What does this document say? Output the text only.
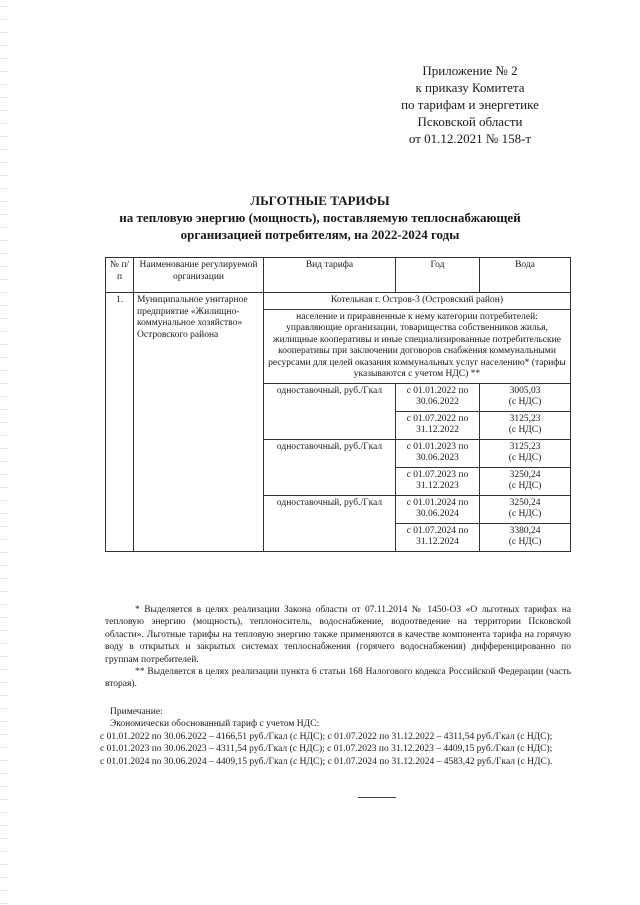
Приложение № 2
к приказу Комитета
по тарифам и энергетике
Псковской области
от 01.12.2021 № 158-т
ЛЬГОТНЫЕ ТАРИФЫ
на тепловую энергию (мощность), поставляемую теплоснабжающей
организацией потребителям, на 2022-2024 годы
№ п/п	Наименование регулируемой организации	Вид тарифа	Год	Вода
1.	Муниципальное унитарное предприятие «Жилищно-коммунальное хозяйство» Островского района	Котельная г. Остров-3 (Островский район)		
		население и приравненные к нему категории потребителей: управляющие организации, товарищества собственников жилья, жилищные кооперативы и иные специализированные потребительские кооперативы при заключении договоров снабжения коммунальными ресурсами для целей оказания коммунальных услуг населению* (тарифы указываются с учетом НДС) **		
		одноставочный, руб./Гкал	с 01.01.2022 по 30.06.2022	3005,03
(с НДС)
			с 01.07.2022 по 31.12.2022	3125,23
(с НДС)
		одноставочный, руб./Гкал	с 01.01.2023 по 30.06.2023	3125,23
(с НДС)
			с 01.07.2023 по 31.12.2023	3250,24
(с НДС)
		одноставочный, руб./Гкал	с 01.01.2024 по 30.06.2024	3250,24
(с НДС)
			с 01.07.2024 по 31.12.2024	3380,24
(с НДС)

* Выделяется в целях реализации Закона области от 07.11.2014 № 1450-ОЗ «О льготных тарифах на тепловую энергию (мощность), теплоноситель, водоснабжение, водоотведение на территории Псковской области». Льготные тарифы на тепловую энергию также применяются в качестве компонента тарифа на горячую воду в открытых и закрытых системах теплоснабжения (горячего водоснабжения) дифференцированно по группам потребителей.

** Выделяется в целях реализации пункта 6 статьи 168 Налогового кодекса Российской Федерации (часть вторая).

Примечание:
Экономически обоснованный тариф с учетом НДС:
с 01.01.2022 по 30.06.2022 – 4166,51 руб./Гкал (с НДС); с 01.07.2022 по 31.12.2022 – 4311,54 руб./Гкал (с НДС);
с 01.01.2023 по 30.06.2023 – 4311,54 руб./Гкал (с НДС); с 01.07.2023 по 31.12.2023 – 4409,15 руб./Гкал (с НДС);
с 01.01.2024 по 30.06.2024 – 4409,15 руб./Гкал (с НДС); с 01.07.2024 по 31.12.2024 – 4583,42 руб./Гкал (с НДС).
